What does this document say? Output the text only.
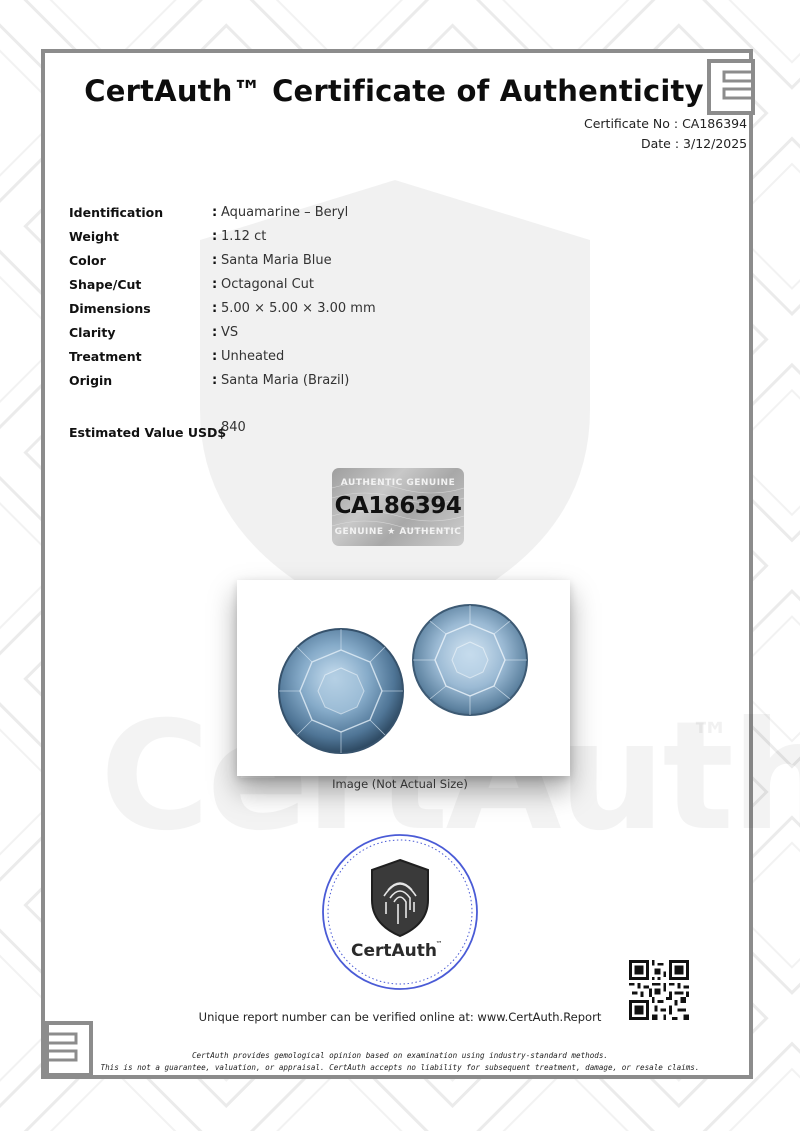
™
CertAuth™ Certificate of Authenticity
Certificate No : CA186394
Date : 3/12/2025
Identification	: Aquamarine – Beryl
Weight	: 1.12 ct
Color	: Santa Maria Blue
Shape/Cut	: Octagonal Cut
Dimensions	: 5.00 × 5.00 × 3.00 mm
Clarity	: VS
Treatment	: Unheated
Origin	: Santa Maria (Brazil)
Estimated Value USD$
840
AUTHENTIC GENUINE
CA186394
GENUINE ★ AUTHENTIC
Image (Not Actual Size)
CertAuth
™
Unique report number can be verified online at: www.CertAuth.Report
CertAuth provides gemological opinion based on examination using industry-standard methods.
This is not a guarantee, valuation, or appraisal. CertAuth accepts no liability for subsequent treatment, damage, or resale claims.
